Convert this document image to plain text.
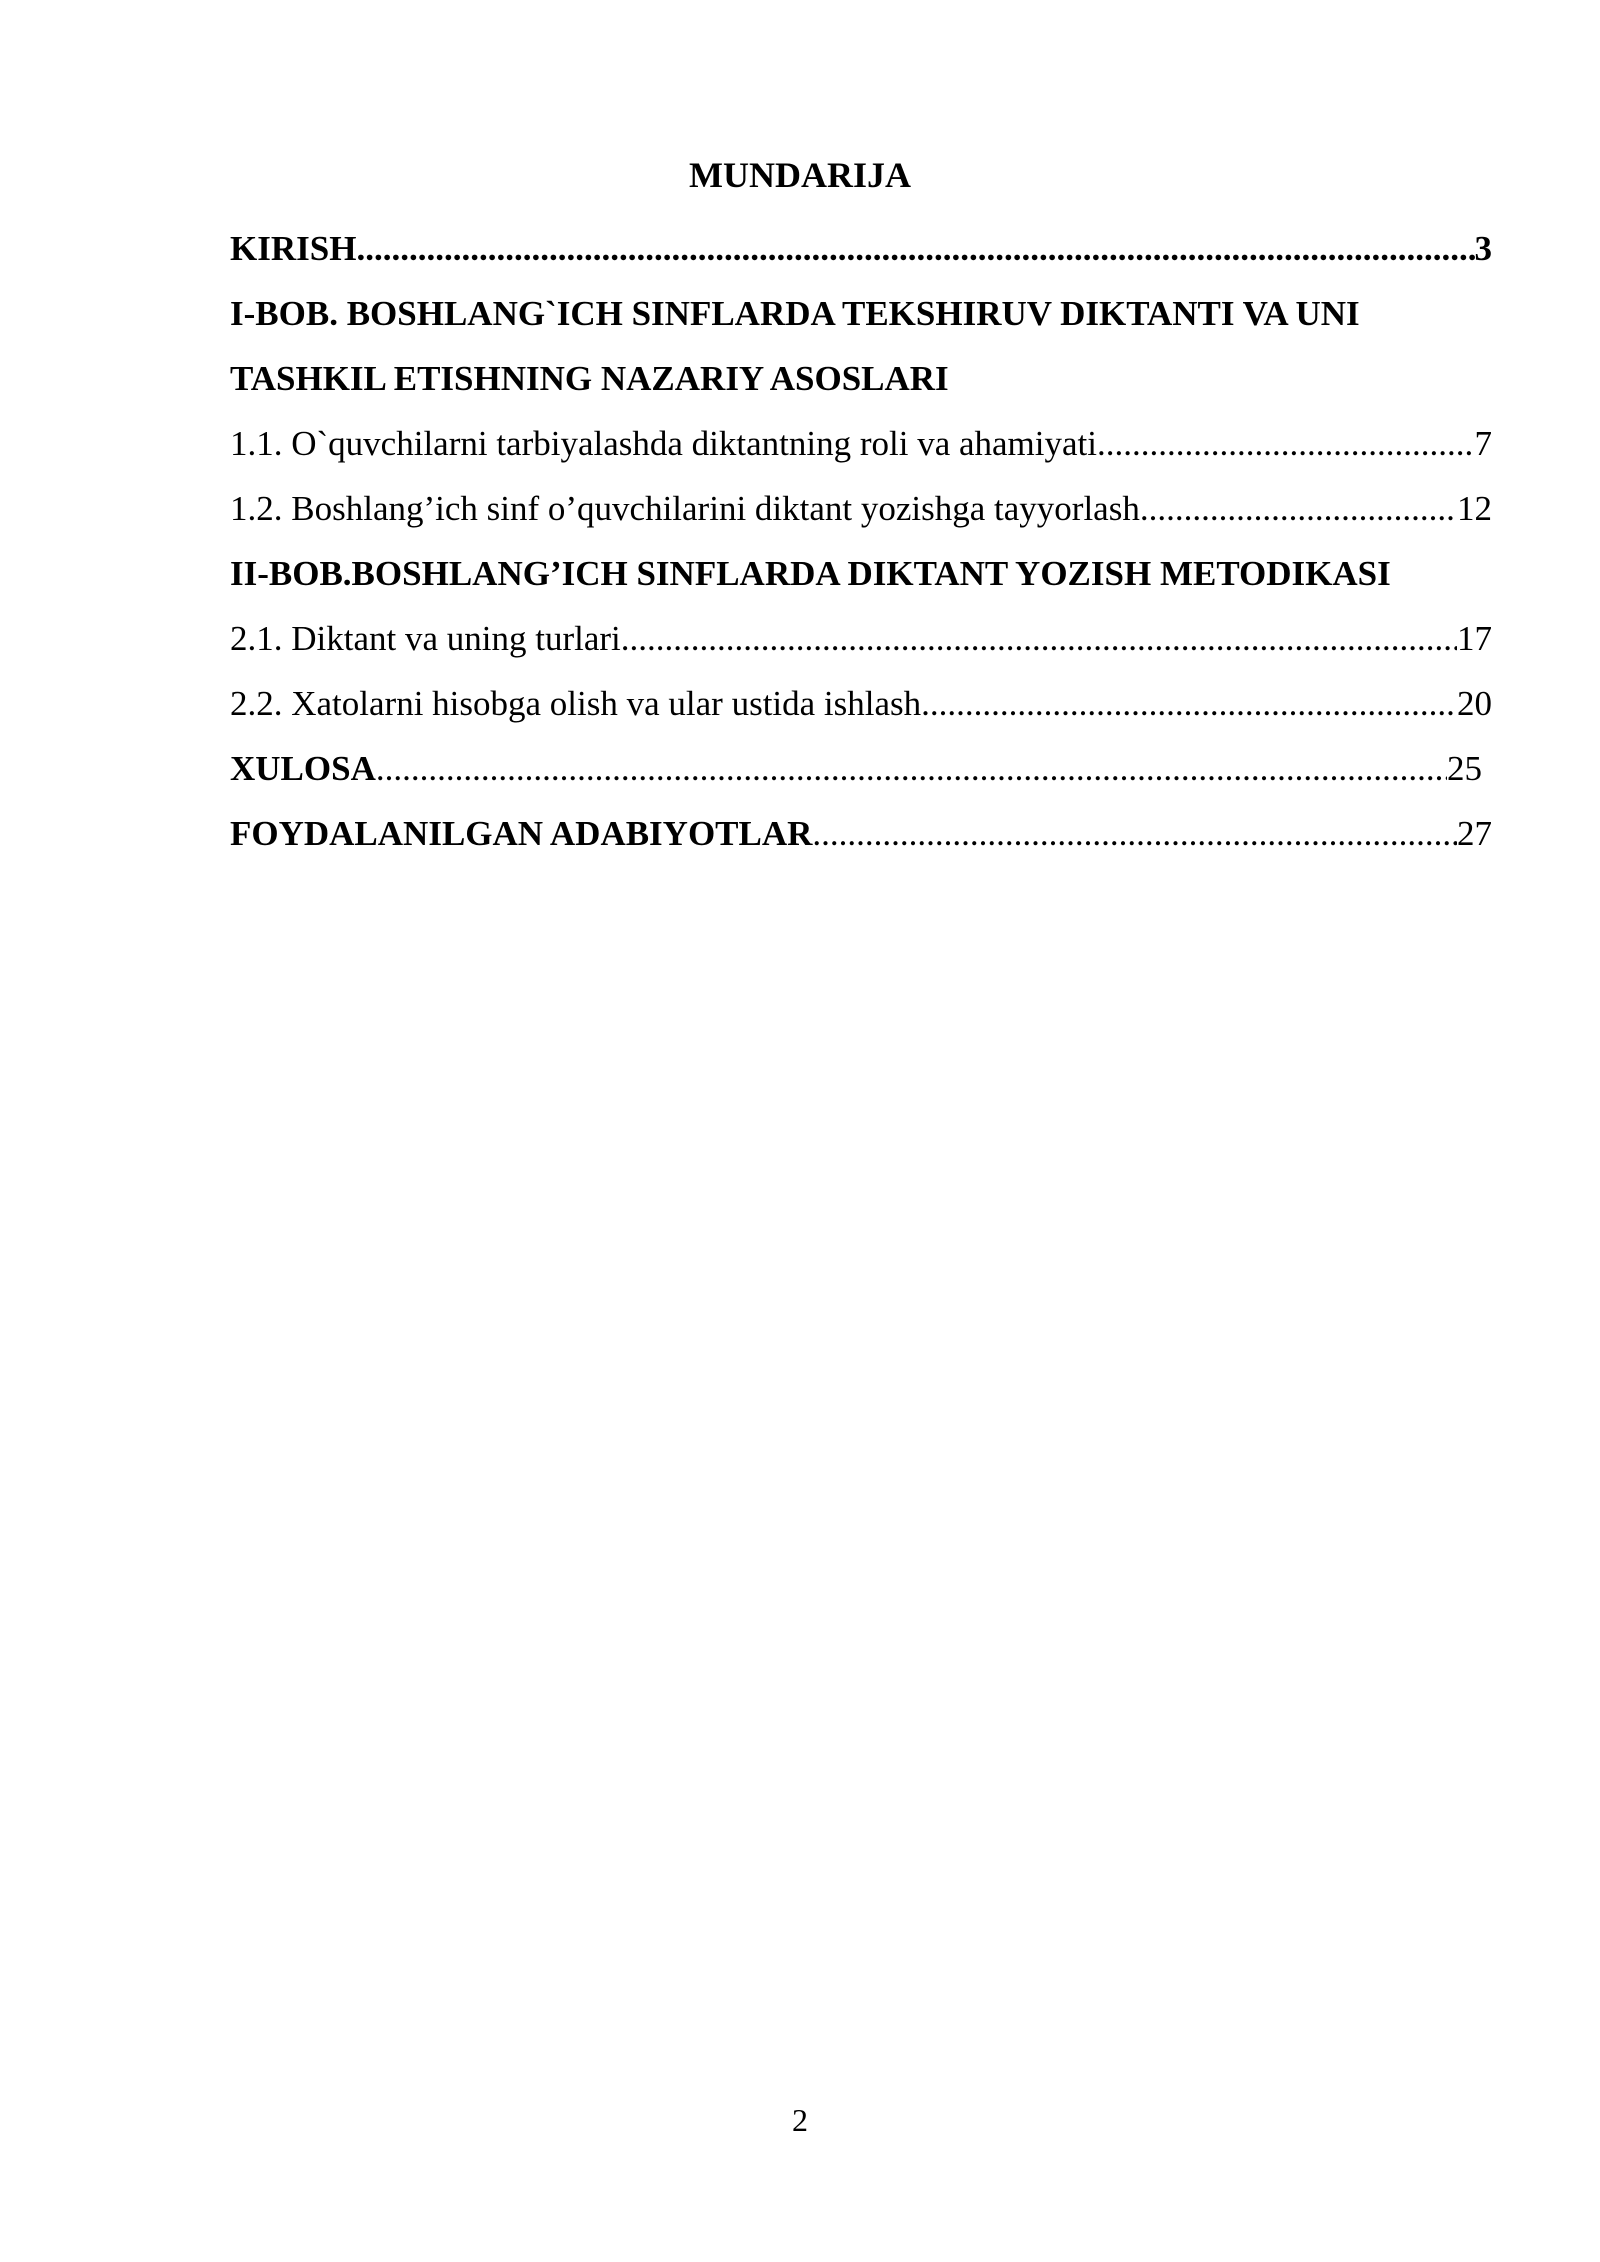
MUNDARIJA
KIRISH .....	3
I-BOB. BOSHLANG`ICH SINFLARDA TEKSHIRUV DIKTANTI VA UNI
TASHKIL ETISHNING NAZARIY ASOSLARI
1.1. O`quvchilarni tarbiyalashda diktantning roli va ahamiyati .....	7
1.2. Boshlang’ich sinf o’quvchilarini diktant yozishga tayyorlash .....	12
II-BOB.BOSHLANG’ICH SINFLARDA DIKTANT YOZISH METODIKASI
2.1. Diktant va uning turlari .....	17
2.2. Xatolarni hisobga olish va ular ustida ishlash .....	20
XULOSA .....	25
FOYDALANILGAN ADABIYOTLAR .....	27
2
